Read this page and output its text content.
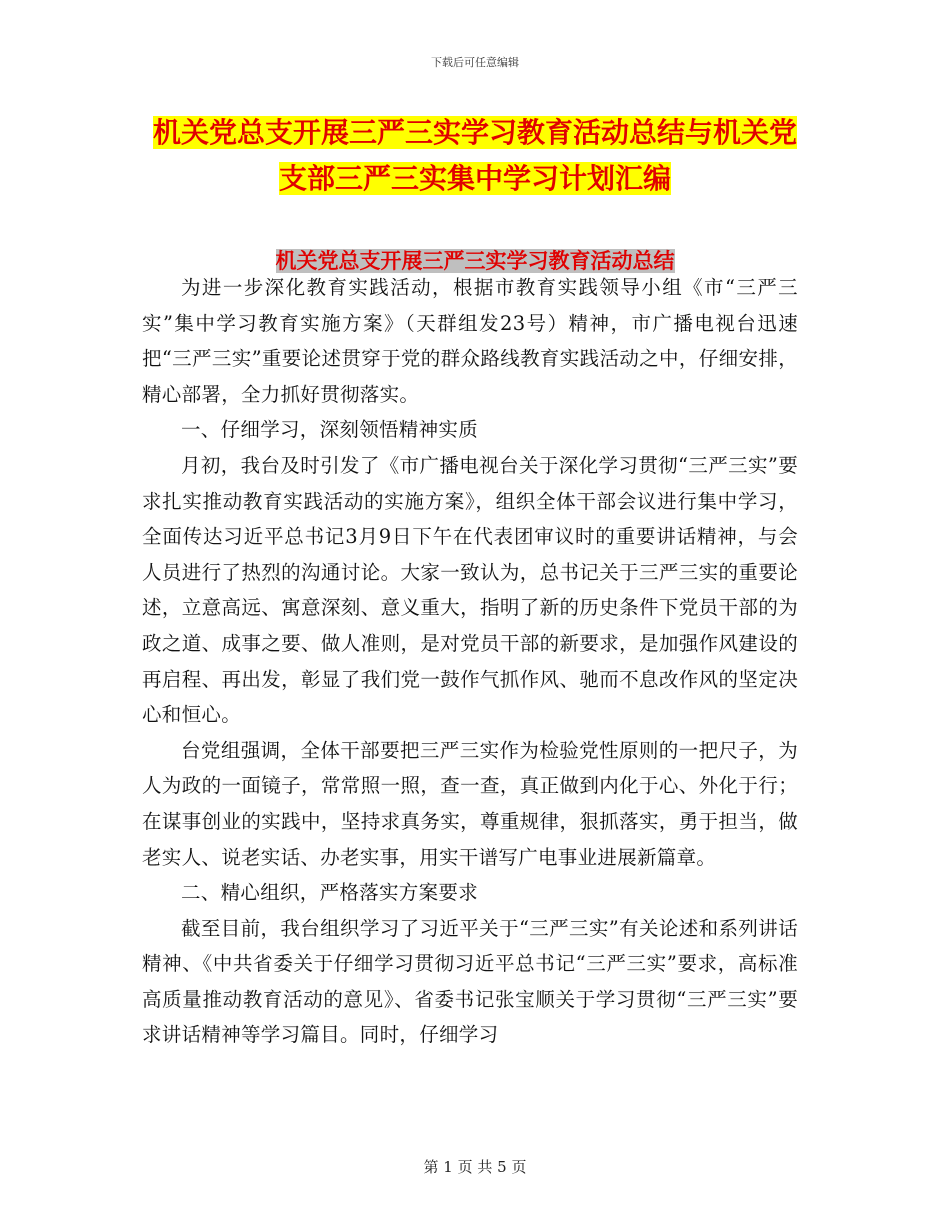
下载后可任意编辑
机关党总支开展三严三实学习教育活动总结与机关党
支部三严三实集中学习计划汇编
机关党总支开展三严三实学习教育活动总结

为进一步深化教育实践活动，根据市教育实践领导小组《市“三严三实”集中学习教育实施方案》（天群组发23号）精神，市广播电视台迅速把“三严三实”重要论述贯穿于党的群众路线教育实践活动之中，仔细安排，精心部署，全力抓好贯彻落实。

一、仔细学习，深刻领悟精神实质

月初，我台及时引发了《市广播电视台关于深化学习贯彻“三严三实”要求扎实推动教育实践活动的实施方案》，组织全体干部会议进行集中学习，全面传达习近平总书记3月9日下午在代表团审议时的重要讲话精神，与会人员进行了热烈的沟通讨论。大家一致认为，总书记关于三严三实的重要论述，立意高远、寓意深刻、意义重大，指明了新的历史条件下党员干部的为政之道、成事之要、做人准则，是对党员干部的新要求，是加强作风建设的再启程、再出发，彰显了我们党一鼓作气抓作风、驰而不息改作风的坚定决心和恒心。

台党组强调，全体干部要把三严三实作为检验党性原则的一把尺子，为人为政的一面镜子，常常照一照，查一查，真正做到内化于心、外化于行；在谋事创业的实践中，坚持求真务实，尊重规律，狠抓落实，勇于担当，做老实人、说老实话、办老实事，用实干谱写广电事业进展新篇章。

二、精心组织，严格落实方案要求

截至目前，我台组织学习了习近平关于“三严三实”有关论述和系列讲话精神、《中共省委关于仔细学习贯彻习近平总书记“三严三实”要求，高标准高质量推动教育活动的意见》、省委书记张宝顺关于学习贯彻“三严三实”要求讲话精神等学习篇目。同时，仔细学习

第 1 页 共 5 页
